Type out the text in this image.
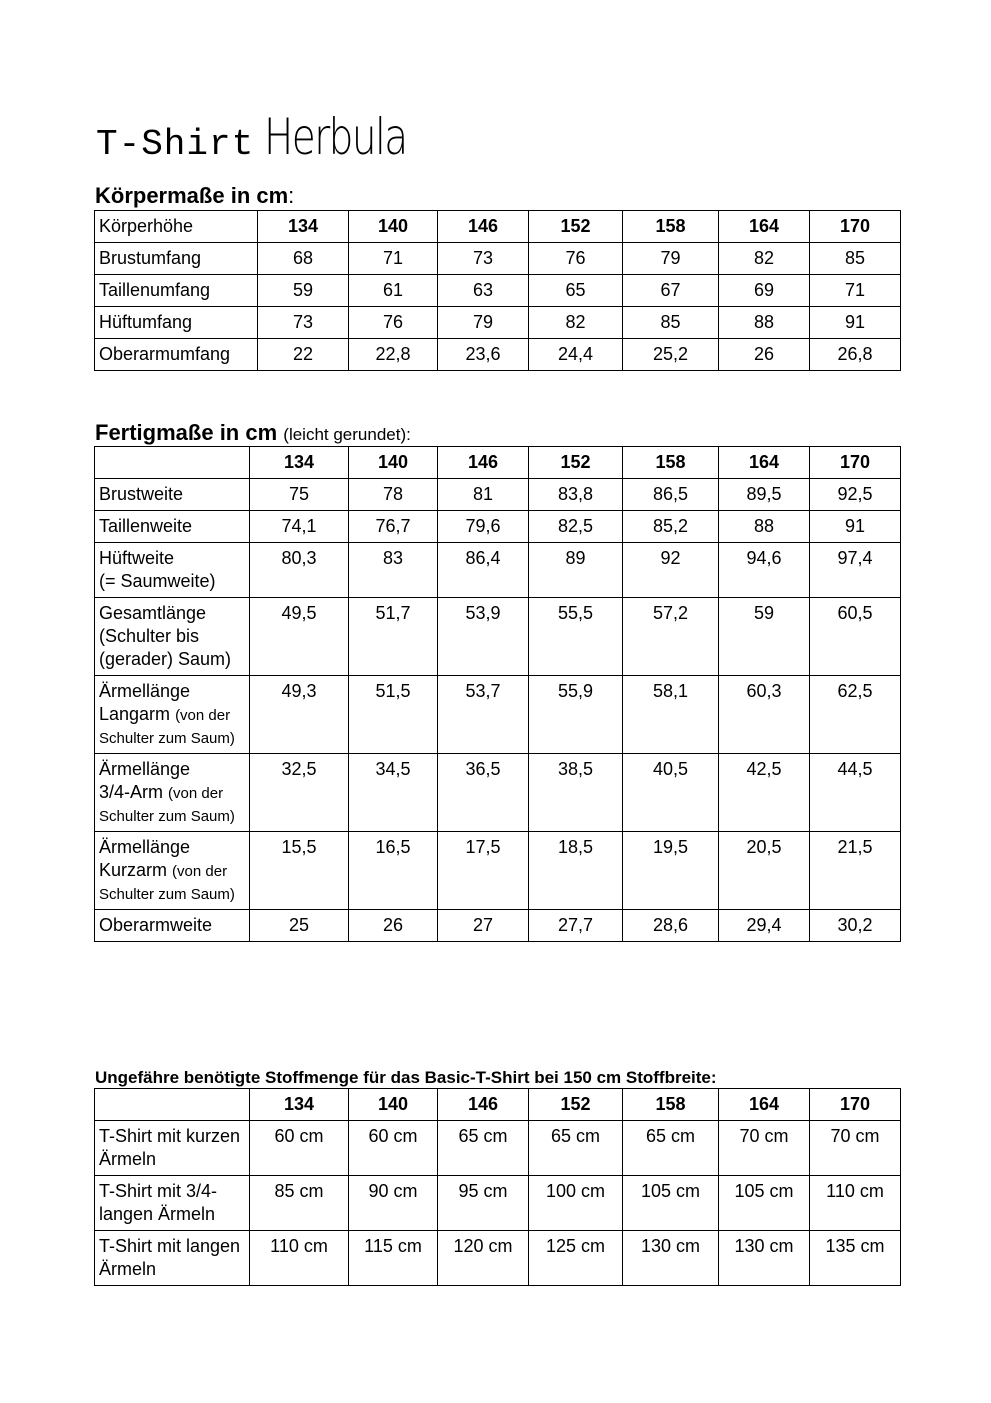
T-Shirt Herbula
Körpermaße in cm:
Körperhöhe	134	140	146	152	158	164	170
Brustumfang	68	71	73	76	79	82	85
Taillenumfang	59	61	63	65	67	69	71
Hüftumfang	73	76	79	82	85	88	91
Oberarmumfang	22	22,8	23,6	24,4	25,2	26	26,8
Fertigmaße in cm (leicht gerundet):
	134	140	146	152	158	164	170
Brustweite	75	78	81	83,8	86,5	89,5	92,5
Taillenweite	74,1	76,7	79,6	82,5	85,2	88	91
Hüftweite
(= Saumweite)	80,3	83	86,4	89	92	94,6	97,4
Gesamtlänge
(Schulter bis (gerader) Saum)	49,5	51,7	53,9	55,5	57,2	59	60,5
Ärmellänge
Langarm (von der Schulter zum Saum)	49,3	51,5	53,7	55,9	58,1	60,3	62,5
Ärmellänge
3/4-Arm (von der Schulter zum Saum)	32,5	34,5	36,5	38,5	40,5	42,5	44,5
Ärmellänge
Kurzarm (von der Schulter zum Saum)	15,5	16,5	17,5	18,5	19,5	20,5	21,5
Oberarmweite	25	26	27	27,7	28,6	29,4	30,2
Ungefähre benötigte Stoffmenge für das Basic-T-Shirt bei 150 cm Stoffbreite:
	134	140	146	152	158	164	170
T-Shirt mit kurzen Ärmeln	60 cm	60 cm	65 cm	65 cm	65 cm	70 cm	70 cm
T-Shirt mit 3/4-langen Ärmeln	85 cm	90 cm	95 cm	100 cm	105 cm	105 cm	110 cm
T-Shirt mit langen Ärmeln	110 cm	115 cm	120 cm	125 cm	130 cm	130 cm	135 cm
